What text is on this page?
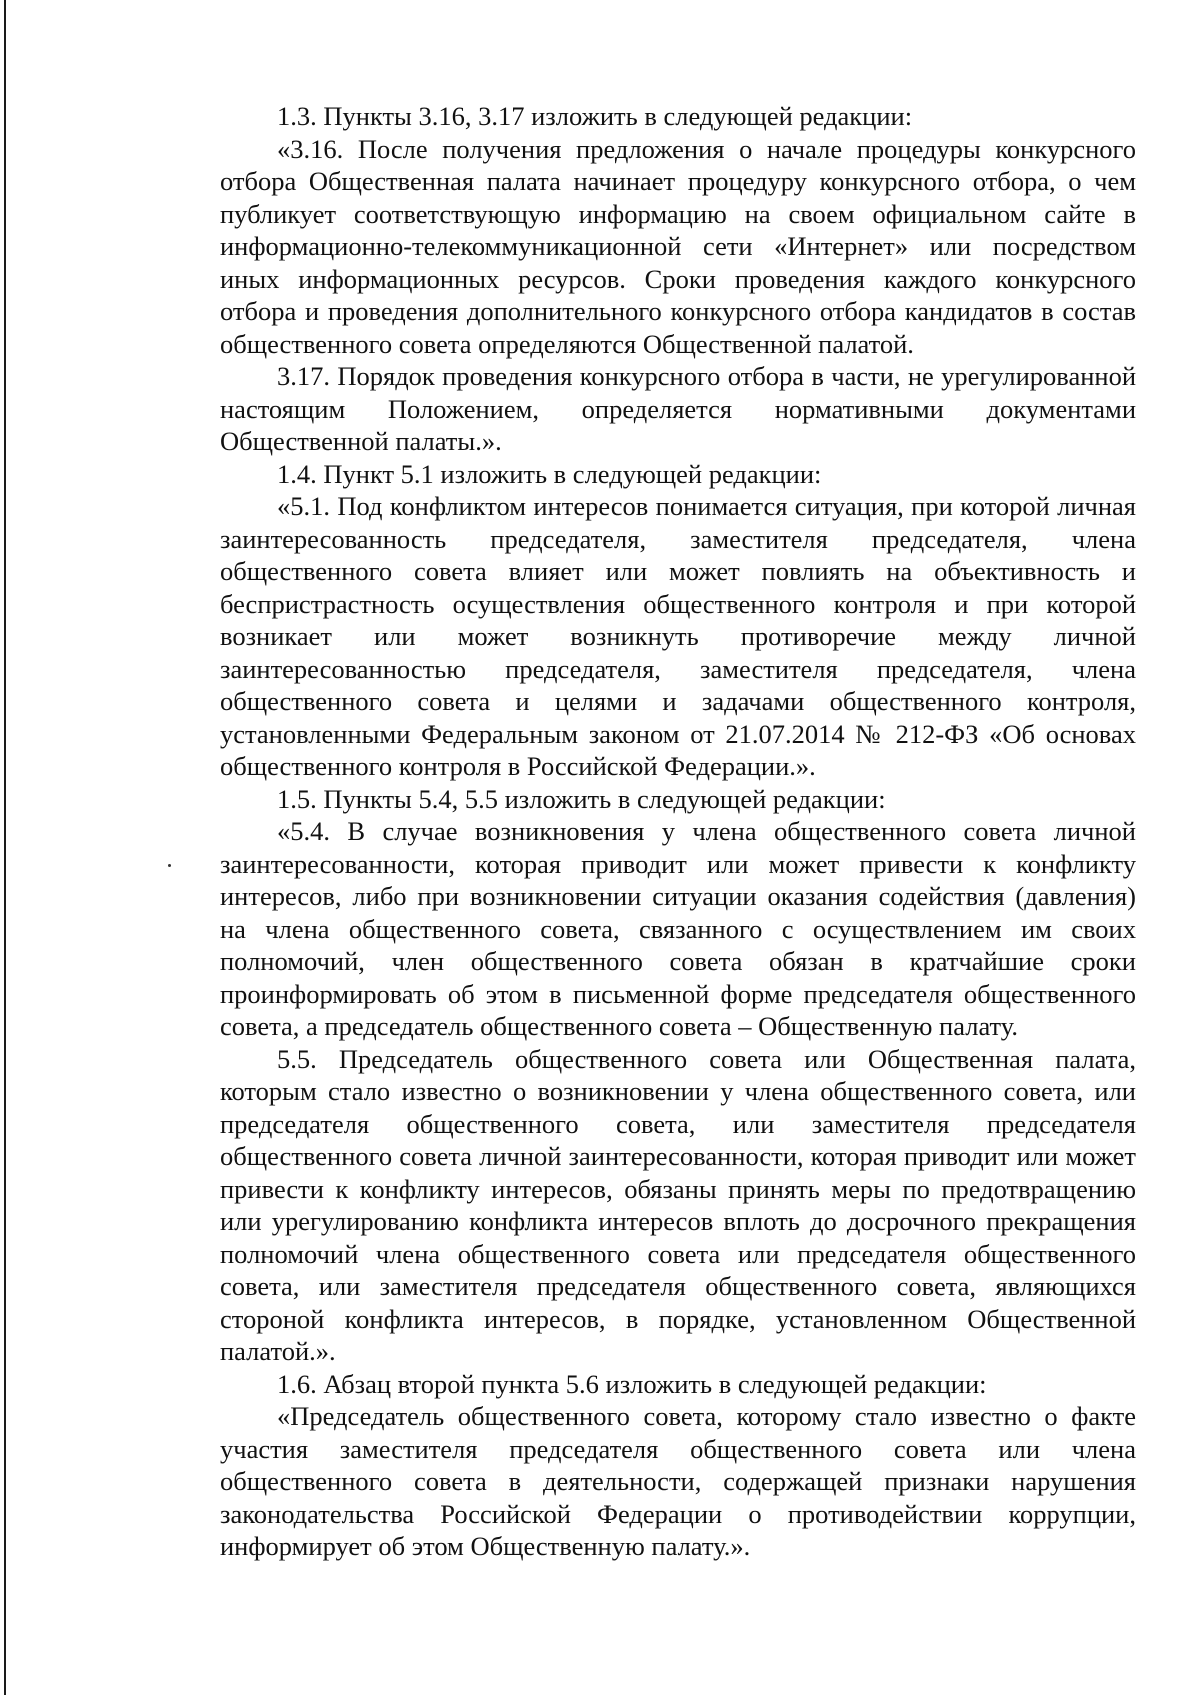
1.3. Пункты 3.16, 3.17 изложить в следующей редакции:

«3.16. После получения предложения о начале процедуры конкурсного отбора Общественная палата начинает процедуру конкурсного отбора, о чем публикует соответствующую информацию на своем официальном сайте в информационно-телекоммуникационной сети «Интернет» или посредством иных информационных ресурсов. Сроки проведения каждого конкурсного отбора и проведения дополнительного конкурсного отбора кандидатов в состав общественного совета определяются Общественной палатой.

3.17. Порядок проведения конкурсного отбора в части, не урегулированной настоящим Положением, определяется нормативными документами Общественной палаты.».

1.4. Пункт 5.1 изложить в следующей редакции:

«5.1. Под конфликтом интересов понимается ситуация, при которой личная заинтересованность председателя, заместителя председателя, члена общественного совета влияет или может повлиять на объективность и беспристрастность осуществления общественного контроля и при которой возникает или может возникнуть противоречие между личной заинтересованностью председателя, заместителя председателя, члена общественного совета и целями и задачами общественного контроля, установленными Федеральным законом от 21.07.2014 № 212-ФЗ «Об основах общественного контроля в Российской Федерации.».

1.5. Пункты 5.4, 5.5 изложить в следующей редакции:

«5.4. В случае возникновения у члена общественного совета личной заинтересованности, которая приводит или может привести к конфликту интересов, либо при возникновении ситуации оказания содействия (давления) на члена общественного совета, связанного с осуществлением им своих полномочий, член общественного совета обязан в кратчайшие сроки проинформировать об этом в письменной форме председателя общественного совета, а председатель общественного совета – Общественную палату.

5.5. Председатель общественного совета или Общественная палата, которым стало известно о возникновении у члена общественного совета, или председателя общественного совета, или заместителя председателя общественного совета личной заинтересованности, которая приводит или может привести к конфликту интересов, обязаны принять меры по предотвращению или урегулированию конфликта интересов вплоть до досрочного прекращения полномочий члена общественного совета или председателя общественного совета, или заместителя председателя общественного совета, являющихся стороной конфликта интересов, в порядке, установленном Общественной палатой.».

1.6. Абзац второй пункта 5.6 изложить в следующей редакции:

«Председатель общественного совета, которому стало известно о факте участия заместителя председателя общественного совета или члена общественного совета в деятельности, содержащей признаки нарушения законодательства Российской Федерации о противодействии коррупции, информирует об этом Общественную палату.».
